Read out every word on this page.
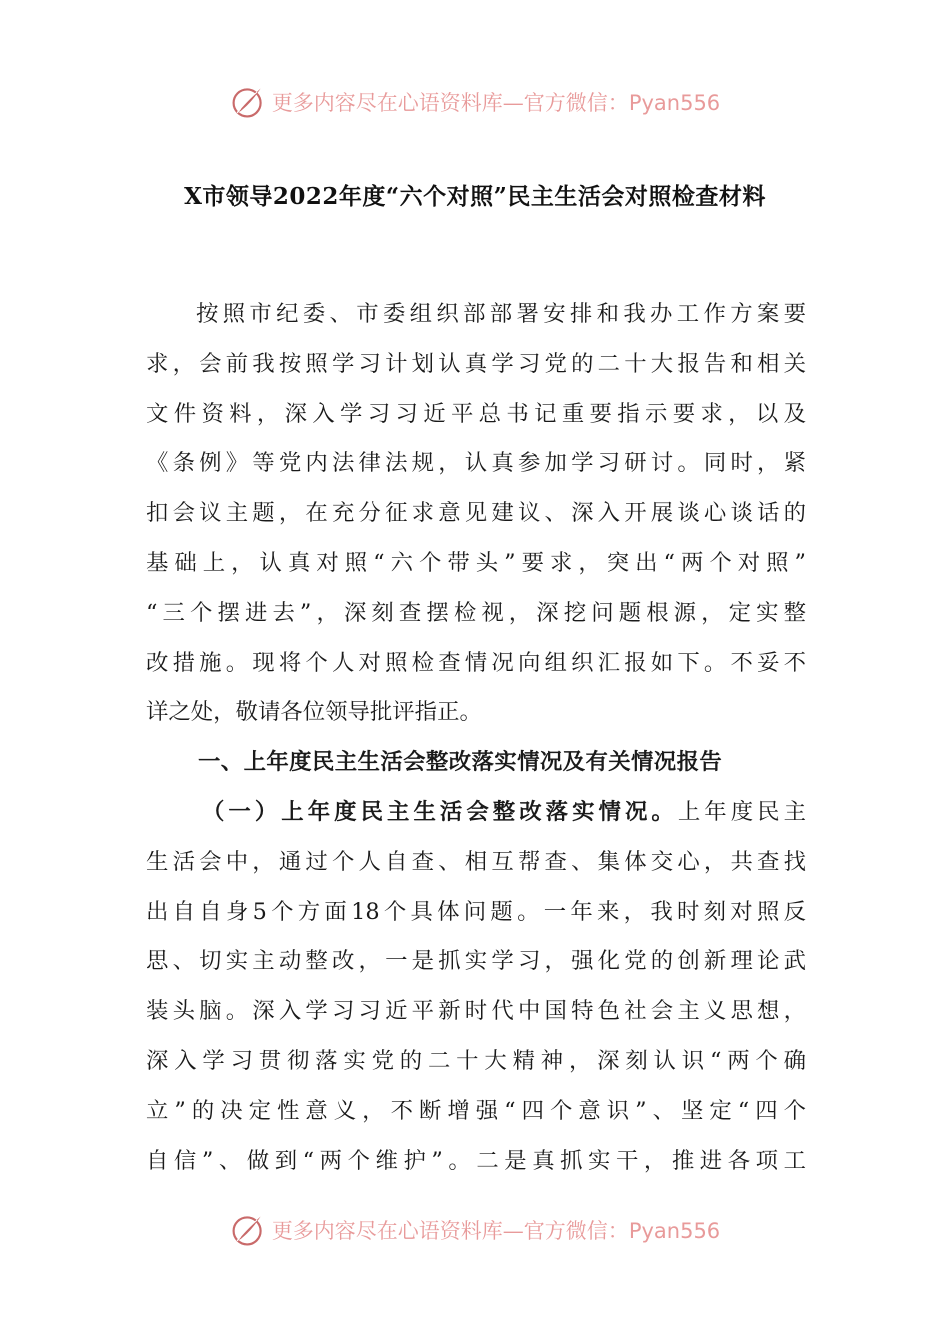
更多内容尽在心语资料库—官方微信：Pyan556
X市领导2022年度“六个对照”民主生活会对照检查材料
按照市纪委、市委组织部部署安排和我办工作方案要
求，会前我按照学习计划认真学习党的二十大报告和相关
文件资料，深入学习习近平总书记重要指示要求，以及
《条例》等党内法律法规，认真参加学习研讨。同时，紧
扣会议主题，在充分征求意见建议、深入开展谈心谈话的
基础上，认真对照“六个带头”要求，突出“两个对照”
“三个摆进去”，深刻查摆检视，深挖问题根源，定实整
改措施。现将个人对照检查情况向组织汇报如下。不妥不
详之处，敬请各位领导批评指正。
一、上年度民主生活会整改落实情况及有关情况报告
（一）上年度民主生活会整改落实情况。上年度民主
生活会中，通过个人自查、相互帮查、集体交心，共查找
出自自身5个方面18个具体问题。一年来，我时刻对照反
思、切实主动整改，一是抓实学习，强化党的创新理论武
装头脑。深入学习习近平新时代中国特色社会主义思想，
深入学习贯彻落实党的二十大精神，深刻认识“两个确
立”的决定性意义，不断增强“四个意识”、坚定“四个
自信”、做到“两个维护”。二是真抓实干，推进各项工
更多内容尽在心语资料库—官方微信：Pyan556
